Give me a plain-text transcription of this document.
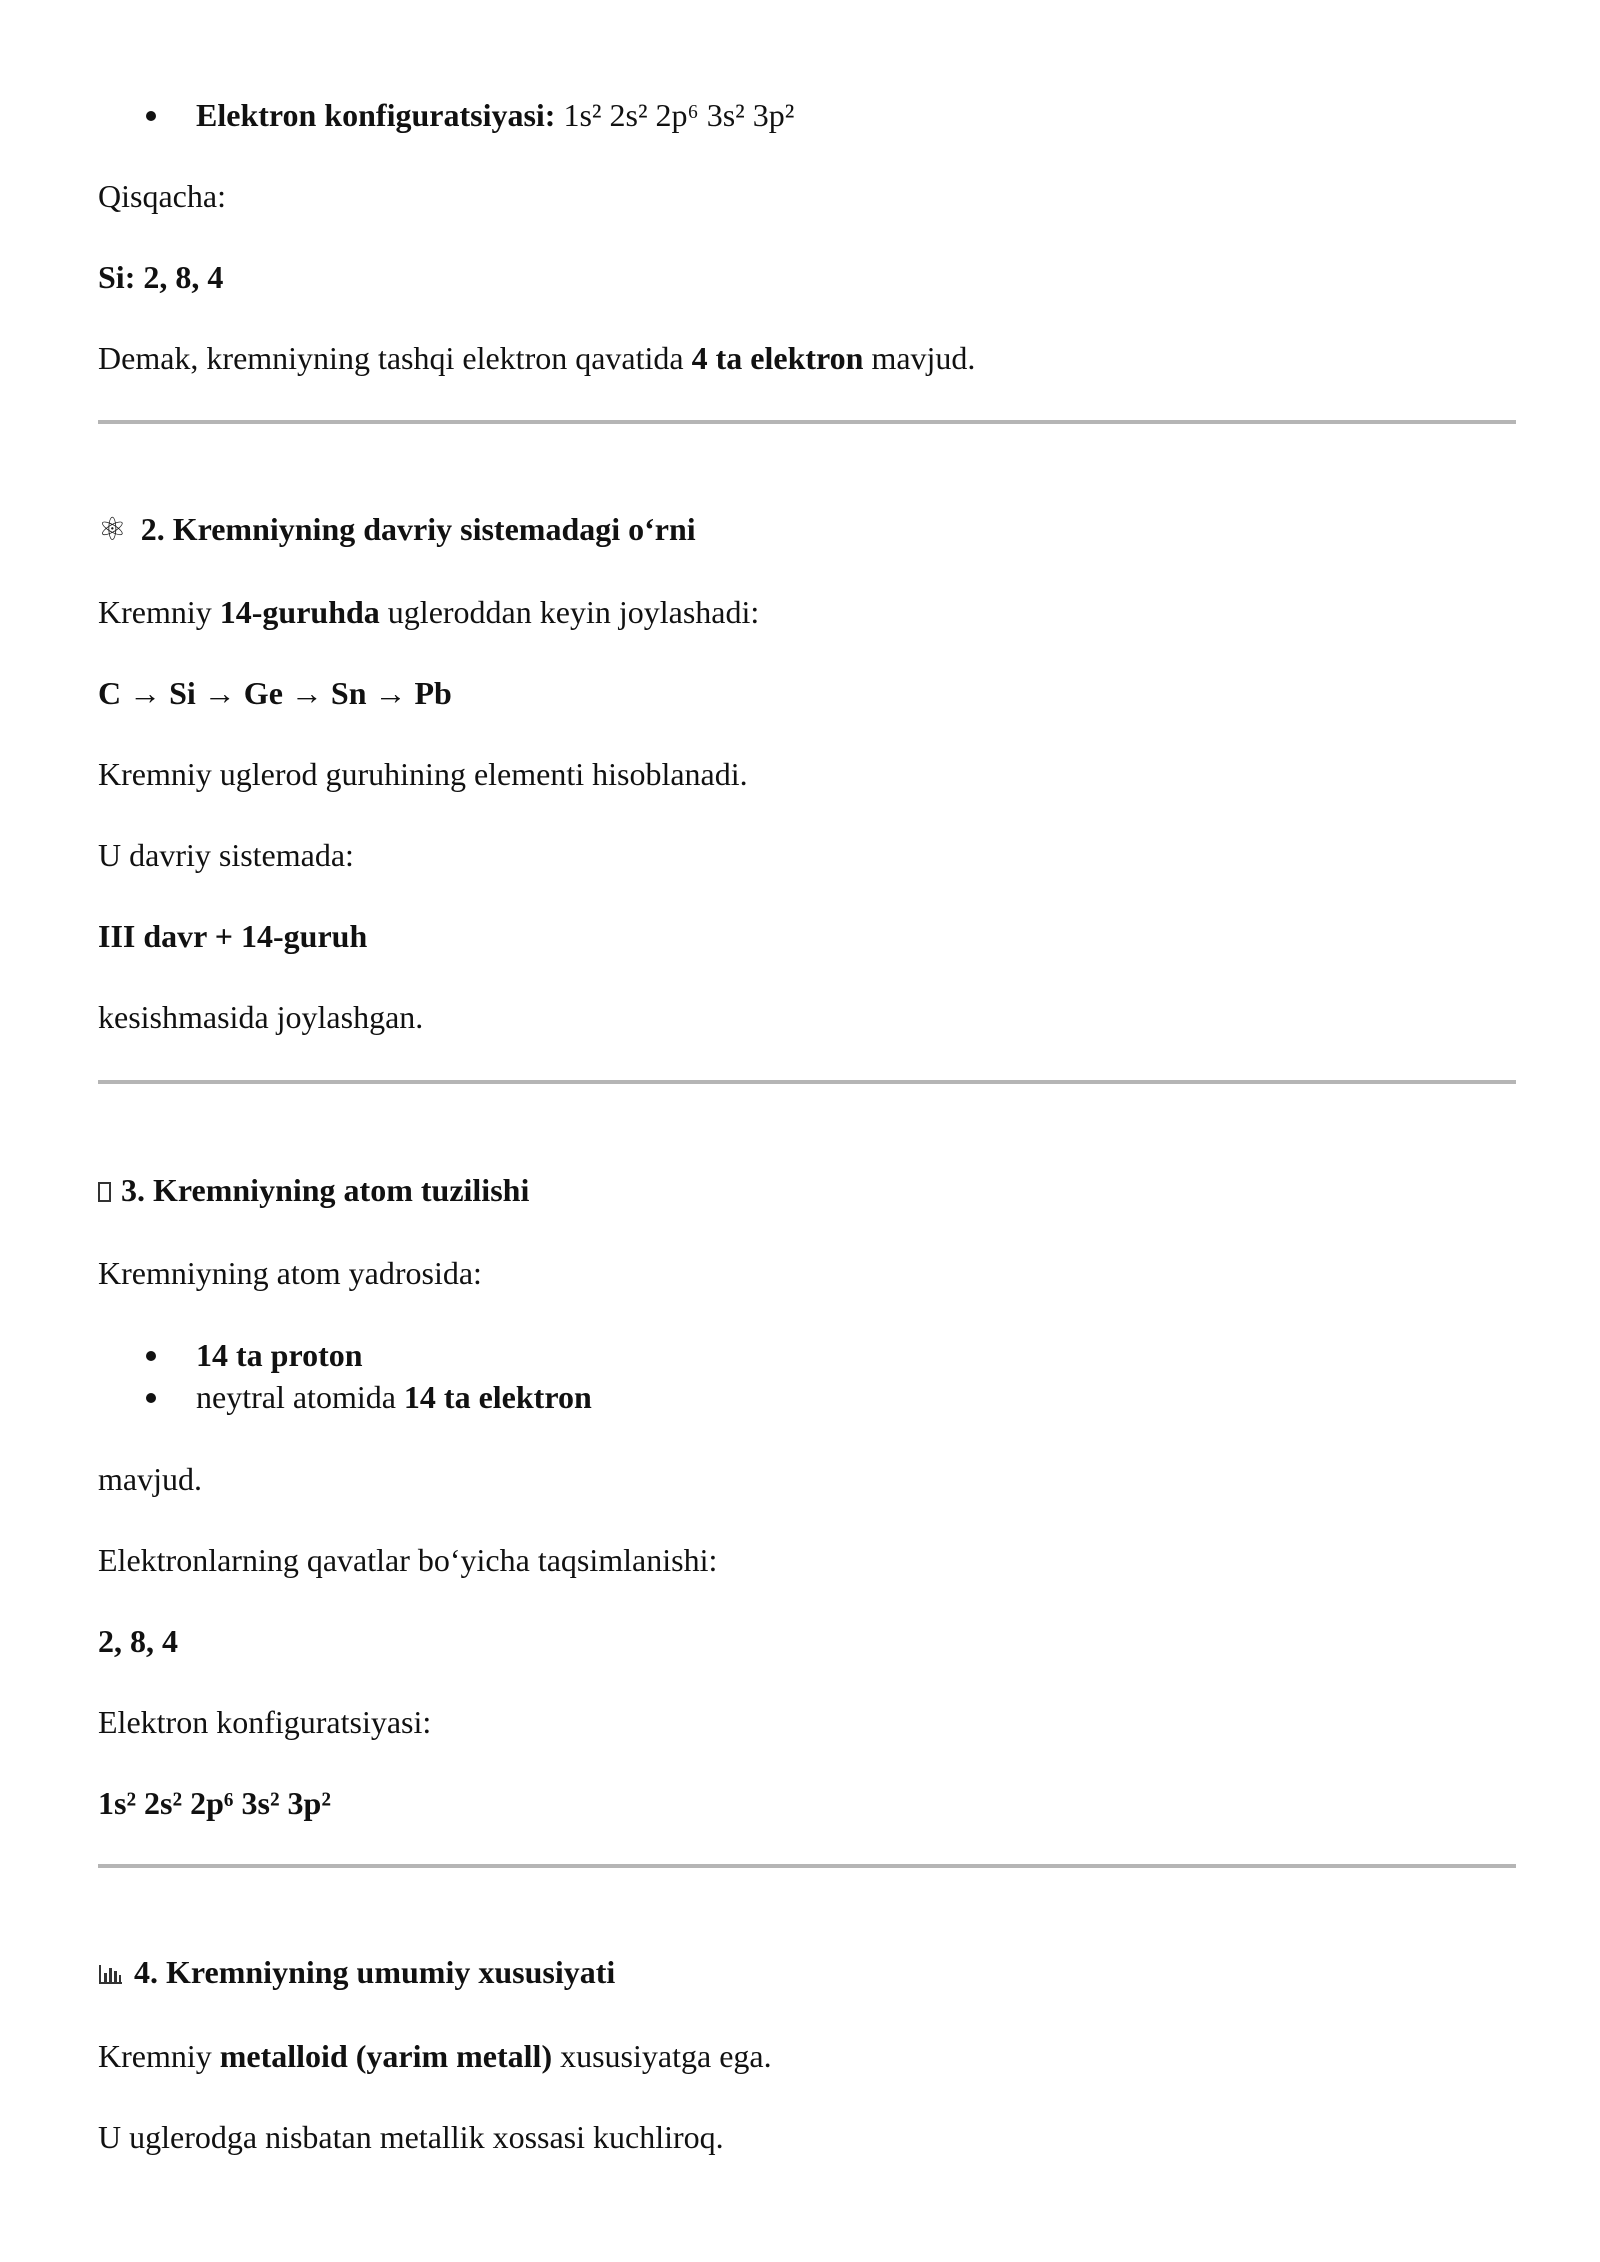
Elektron konfiguratsiyasi: 1s² 2s² 2p⁶ 3s² 3p²

Qisqacha:

Si: 2, 8, 4

Demak, kremniyning tashqi elektron qavatida 4 ta elektron mavjud.

⚛ 2. Kremniyning davriy sistemadagi o‘rni

Kremniy 14-guruhda ugleroddan keyin joylashadi:

C → Si → Ge → Sn → Pb

Kremniy uglerod guruhining elementi hisoblanadi.

U davriy sistemada:

III davr + 14-guruh

kesishmasida joylashgan.

3. Kremniyning atom tuzilishi

Kremniyning atom yadrosida:

14 ta proton
neytral atomida 14 ta elektron

mavjud.

Elektronlarning qavatlar bo‘yicha taqsimlanishi:

2, 8, 4

Elektron konfiguratsiyasi:

1s² 2s² 2p⁶ 3s² 3p²

4. Kremniyning umumiy xususiyati

Kremniy metalloid (yarim metall) xususiyatga ega.

U uglerodga nisbatan metallik xossasi kuchliroq.
